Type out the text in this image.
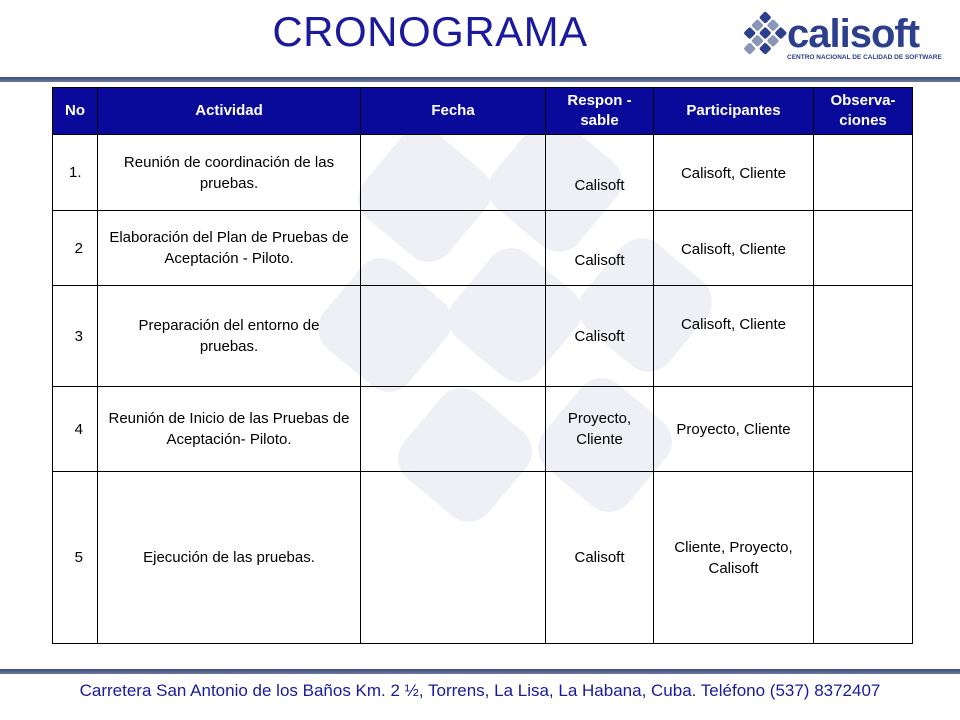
CRONOGRAMA	calisoft
CENTRO NACIONAL DE CALIDAD DE SOFTWARE
No	Actividad	Fecha	Respon - sable	Participantes	Observa- ciones
1.	Reunión de coordinación de las pruebas.		Calisoft	Calisoft, Cliente	
2	Elaboración del Plan de Pruebas de Aceptación - Piloto.		Calisoft	Calisoft, Cliente	
3	Preparación del entorno de pruebas.		Calisoft	Calisoft, Cliente	
4	Reunión de Inicio de las Pruebas de Aceptación- Piloto.		Proyecto, Cliente	Proyecto, Cliente	
5	Ejecución de las pruebas.		Calisoft	Cliente, Proyecto, Calisoft	
Carretera San Antonio de los Baños Km. 2 ½, Torrens, La Lisa, La Habana, Cuba. Teléfono (537) 8372407
